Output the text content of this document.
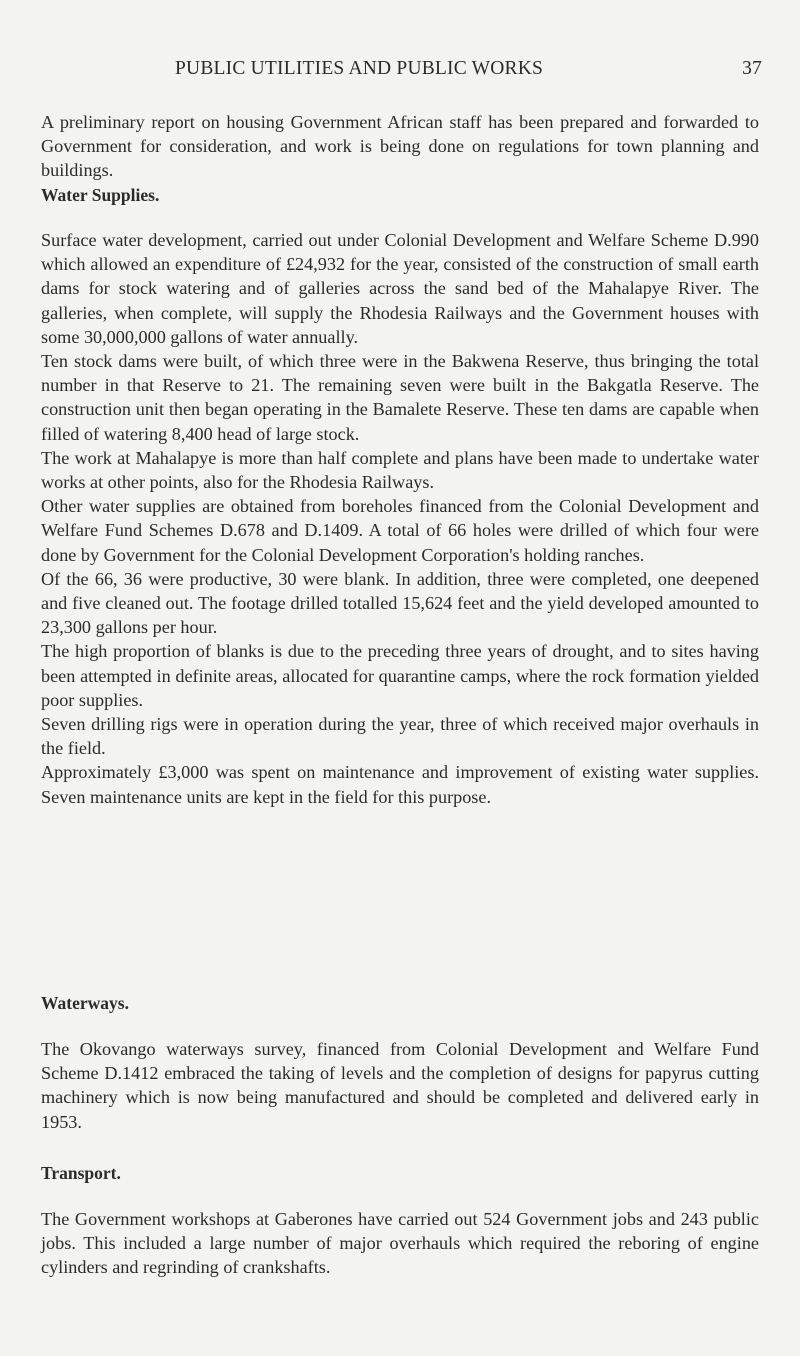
PUBLIC UTILITIES AND PUBLIC WORKS	37

A preliminary report on housing Government African staff has been prepared and forwarded to Government for consideration, and work is being done on regulations for town planning and buildings.

Water Supplies.

Surface water development, carried out under Colonial Development and Welfare Scheme D.990 which allowed an expenditure of £24,932 for the year, consisted of the construction of small earth dams for stock watering and of galleries across the sand bed of the Mahalapye River. The galleries, when complete, will supply the Rhodesia Railways and the Government houses with some 30,000,000 gallons of water annually.

Ten stock dams were built, of which three were in the Bakwena Reserve, thus bringing the total number in that Reserve to 21. The remaining seven were built in the Bakgatla Reserve. The construction unit then began operating in the Bamalete Reserve. These ten dams are capable when filled of watering 8,400 head of large stock.

The work at Mahalapye is more than half complete and plans have been made to undertake water works at other points, also for the Rhodesia Railways.

Other water supplies are obtained from boreholes financed from the Colonial Development and Welfare Fund Schemes D.678 and D.1409. A total of 66 holes were drilled of which four were done by Government for the Colonial Development Corporation's holding ranches.

Of the 66, 36 were productive, 30 were blank. In addition, three were completed, one deepened and five cleaned out. The footage drilled totalled 15,624 feet and the yield developed amounted to 23,300 gallons per hour.

The high proportion of blanks is due to the preceding three years of drought, and to sites having been attempted in definite areas, allocated for quarantine camps, where the rock formation yielded poor supplies.

Seven drilling rigs were in operation during the year, three of which received major overhauls in the field.

Approximately £3,000 was spent on maintenance and improvement of existing water supplies. Seven maintenance units are kept in the field for this purpose.

Waterways.

The Okovango waterways survey, financed from Colonial Development and Welfare Fund Scheme D.1412 embraced the taking of levels and the completion of designs for papyrus cutting machinery which is now being manufactured and should be completed and delivered early in 1953.

Transport.

The Government workshops at Gaberones have carried out 524 Government jobs and 243 public jobs. This included a large number of major overhauls which required the reboring of engine cylinders and regrinding of crankshafts.
